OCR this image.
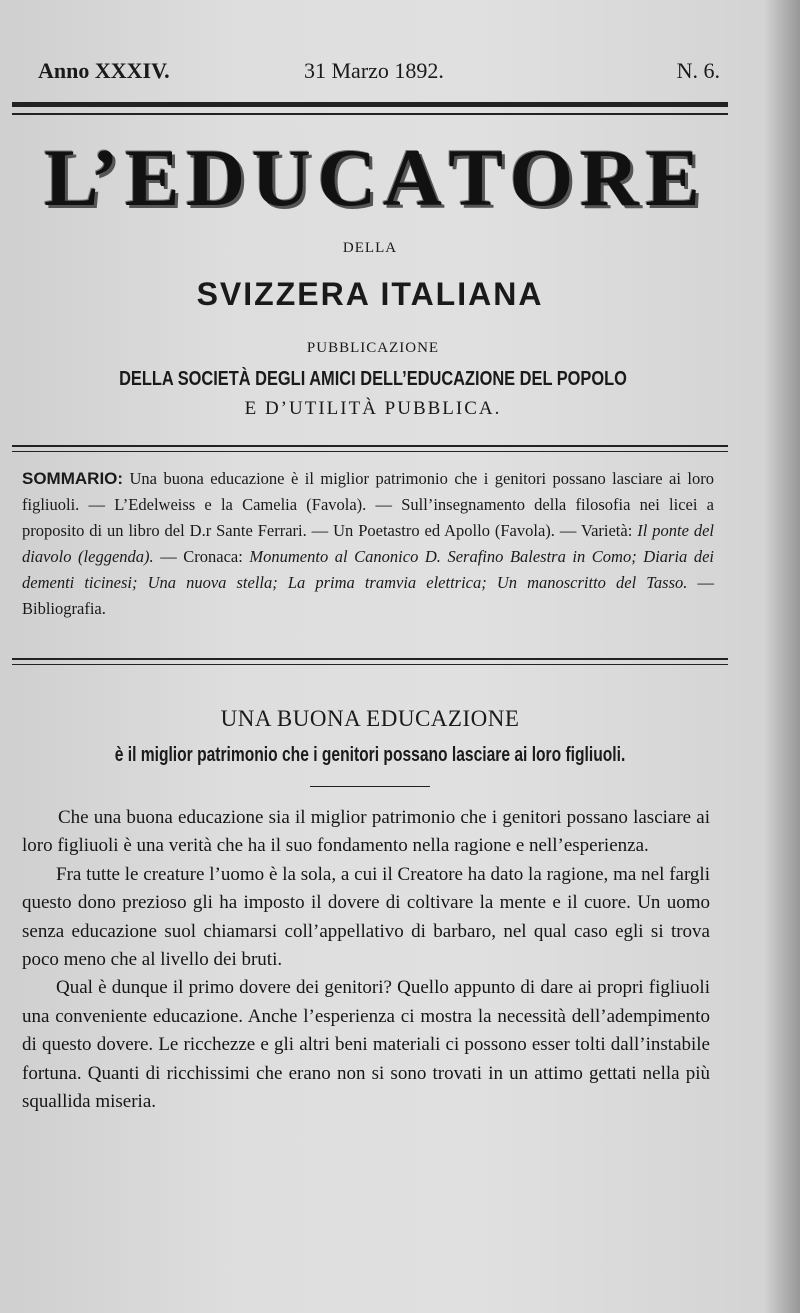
Anno XXXIV.	31 Marzo 1892.	N. 6.
L’ E D U C A T O R E
DELLA
SVIZZERA ITALIANA
PUBBLICAZIONE
DELLA SOCIETÀ DEGLI AMICI DELL’EDUCAZIONE DEL POPOLO
E D’UTILITÀ PUBBLICA.
SOMMARIO: Una buona educazione è il miglior patrimonio che i genitori possano lasciare ai loro figliuoli. — L’Edelweiss e la Camelia (Favola). — Sull’insegnamento della filosofia nei licei a proposito di un libro del D.r Sante Ferrari. — Un Poetastro ed Apollo (Favola). — Varietà: Il ponte del diavolo (leggenda). — Cronaca: Monumento al Canonico D. Serafino Balestra in Como; Diaria dei dementi ticinesi; Una nuova stella; La prima tramvia elettrica; Un manoscritto del Tasso. — Bibliografia.
UNA BUONA EDUCAZIONE
è il miglior patrimonio che i genitori possano lasciare ai loro figliuoli.

Che una buona educazione sia il miglior patrimonio che i genitori possano lasciare ai loro figliuoli è una verità che ha il suo fondamento nella ragione e nell’esperienza.

Fra tutte le creature l’uomo è la sola, a cui il Creatore ha dato la ragione, ma nel fargli questo dono prezioso gli ha imposto il dovere di coltivare la mente e il cuore. Un uomo senza educazione suol chiamarsi coll’appellativo di barbaro, nel qual caso egli si trova poco meno che al livello dei bruti.

Qual è dunque il primo dovere dei genitori? Quello appunto di dare ai propri figliuoli una conveniente educazione. Anche l’esperienza ci mostra la necessità dell’adempimento di questo dovere. Le ricchezze e gli altri beni materiali ci possono esser tolti dall’instabile fortuna. Quanti di ricchissimi che erano non si sono trovati in un attimo gettati nella più squallida miseria.
